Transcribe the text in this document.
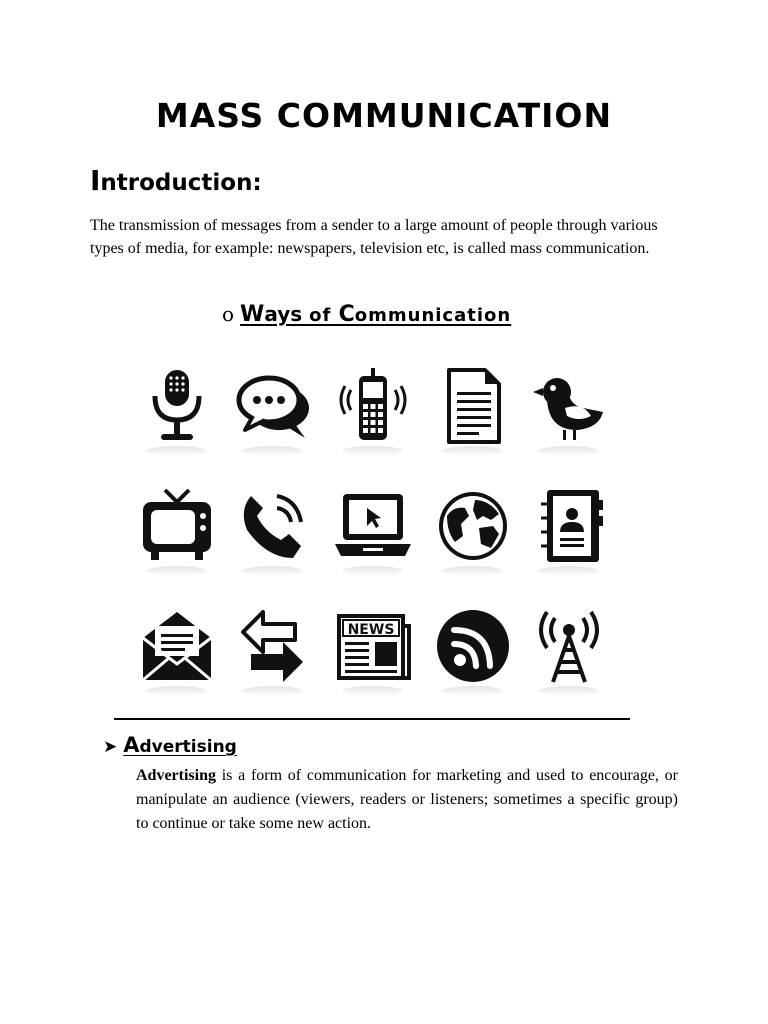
MASS COMMUNICATION
Introduction:
The transmission of messages from a sender to a large amount of people through various types of media, for example: newspapers, television etc, is called mass communication.
o Ways of Communication
NEWS
➤ Advertising
Advertising is a form of communication for marketing and used to encourage, or manipulate an audience (viewers, readers or listeners; sometimes a specific group) to continue or take some new action.
